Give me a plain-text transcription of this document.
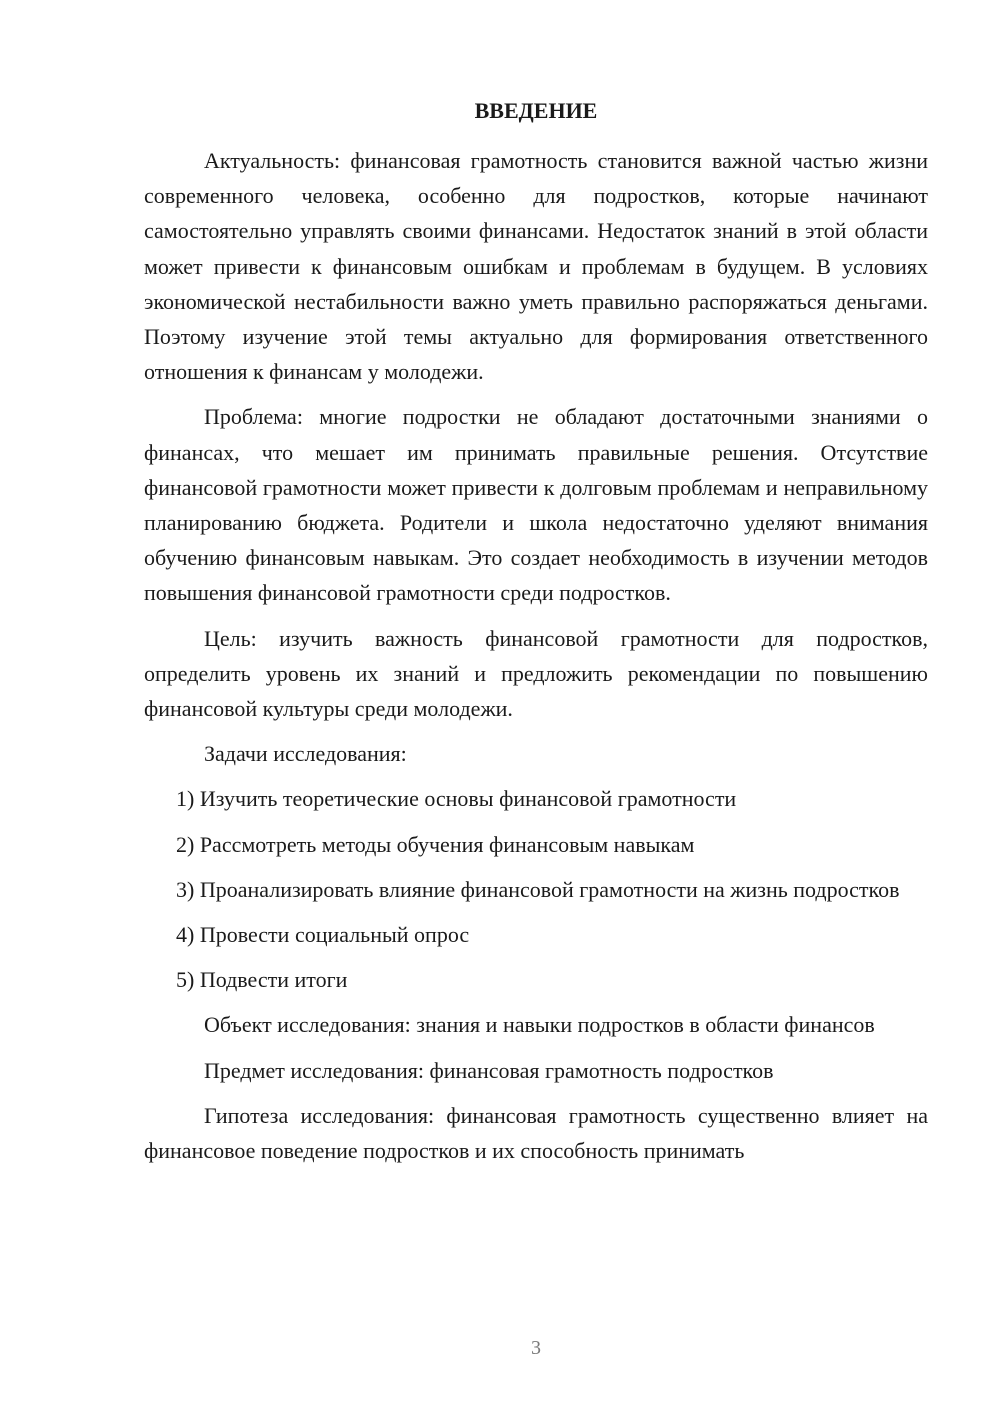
ВВЕДЕНИЕ

Актуальность: финансовая грамотность становится важной частью жизни современного человека, особенно для подростков, которые начинают самостоятельно управлять своими финансами. Недостаток знаний в этой области может привести к финансовым ошибкам и проблемам в будущем. В условиях экономической нестабильности важно уметь правильно распоряжаться деньгами. Поэтому изучение этой темы актуально для формирования ответственного отношения к финансам у молодежи.

Проблема: многие подростки не обладают достаточными знаниями о финансах, что мешает им принимать правильные решения. Отсутствие финансовой грамотности может привести к долговым проблемам и неправильному планированию бюджета. Родители и школа недостаточно уделяют внимания обучению финансовым навыкам. Это создает необходимость в изучении методов повышения финансовой грамотности среди подростков.

Цель: изучить важность финансовой грамотности для подростков, определить уровень их знаний и предложить рекомендации по повышению финансовой культуры среди молодежи.

Задачи исследования:

1) Изучить теоретические основы финансовой грамотности

2) Рассмотреть методы обучения финансовым навыкам

3) Проанализировать влияние финансовой грамотности на жизнь подростков

4) Провести социальный опрос

5) Подвести итоги

Объект исследования: знания и навыки подростков в области финансов

Предмет исследования: финансовая грамотность подростков

Гипотеза исследования: финансовая грамотность существенно влияет на финансовое поведение подростков и их способность принимать

3
